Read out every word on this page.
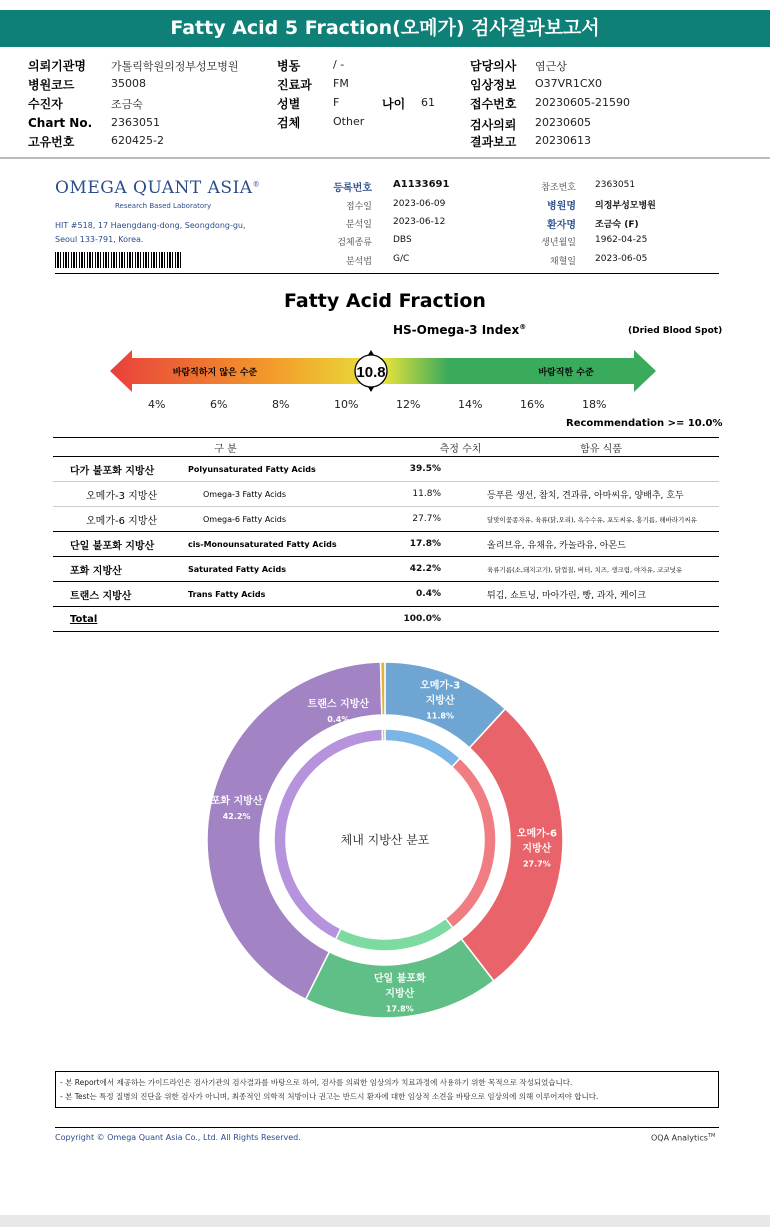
Fatty Acid 5 Fraction(오메가) 검사결과보고서
의뢰기관명 가톨릭학원의정부성모병원
병원코드	35008
수진자	조금숙
Chart No. 2363051
고유번호	620425-2
병동	/ -
진료과 FM
성별	F	나이 61
검체	Other
담당의사 염근상
임상정보 O37VR1CX0
접수번호 20230605-21590
검사의뢰 20230605
결과보고 20230613
OMEGA QUANT ASIA®
Research Based Laboratory
HIT #518, 17 Haengdang-dong, Seongdong-gu,
Seoul 133-791, Korea.
등록번호 A1133691
접수일 2023-06-09
분석일 2023-06-12
검체종류 DBS
분석법 G/C
참조번호 2363051
병원명 의정부성모병원
환자명 조금숙 (F)
생년월일 1962-04-25
채혈일 2023-06-05
Fatty Acid Fraction
HS-Omega-3 Index®	(Dried Blood Spot)
바람직하지 않은 수준	바람직한 수준
10.8
4%	6%	8%	10%	12%	14%	16%	18%
Recommendation >= 10.0%
구 분		측정 수치	함유 식품
다가 불포화 지방산	Polyunsaturated Fatty Acids	39.5%	
오메가-3 지방산	Omega-3 Fatty Acids	11.8%	등푸른 생선, 참치, 견과류, 아마씨유, 양배추, 호두
오메가-6 지방산	Omega-6 Fatty Acids	27.7%	달맞이꽃종자유, 육류(닭,오리), 옥수수유, 포도씨유, 홍기름, 해바라기씨유
단일 불포화 지방산	cis-Monounsaturated Fatty Acids	17.8%	올리브유, 유채유, 카놀라유, 아몬드
포화 지방산	Saturated Fatty Acids	42.2%	육류기름(소,돼지고기), 닭껍질, 버터, 치즈, 생크림, 야자유, 코코넛유
트랜스 지방산	Trans Fatty Acids	0.4%	튀김, 쇼트닝, 마아가린, 빵, 과자, 케이크
Total		100.0%	
오메가-3
지방산
11.8%
오메가-6
지방산
27.7%
단일 불포화
지방산
17.8%
포화 지방산
42.2%
트랜스 지방산
0.4%
체내 지방산 분포
- 본 Report에서 제공하는 가이드라인은 검사기관의 검사결과를 바탕으로 하여, 검사를 의뢰한 임상의가 치료과정에 사용하기 위한 목적으로 작성되었습니다.
- 본 Test는 특정 질병의 진단을 위한 검사가 아니며, 최종적인 의학적 처방이나 권고는 반드시 환자에 대한 임상적 소견을 바탕으로 임상의에 의해 이루어져야 합니다.
Copyright © Omega Quant Asia Co., Ltd. All Rights Reserved.	OQA Analytics™
